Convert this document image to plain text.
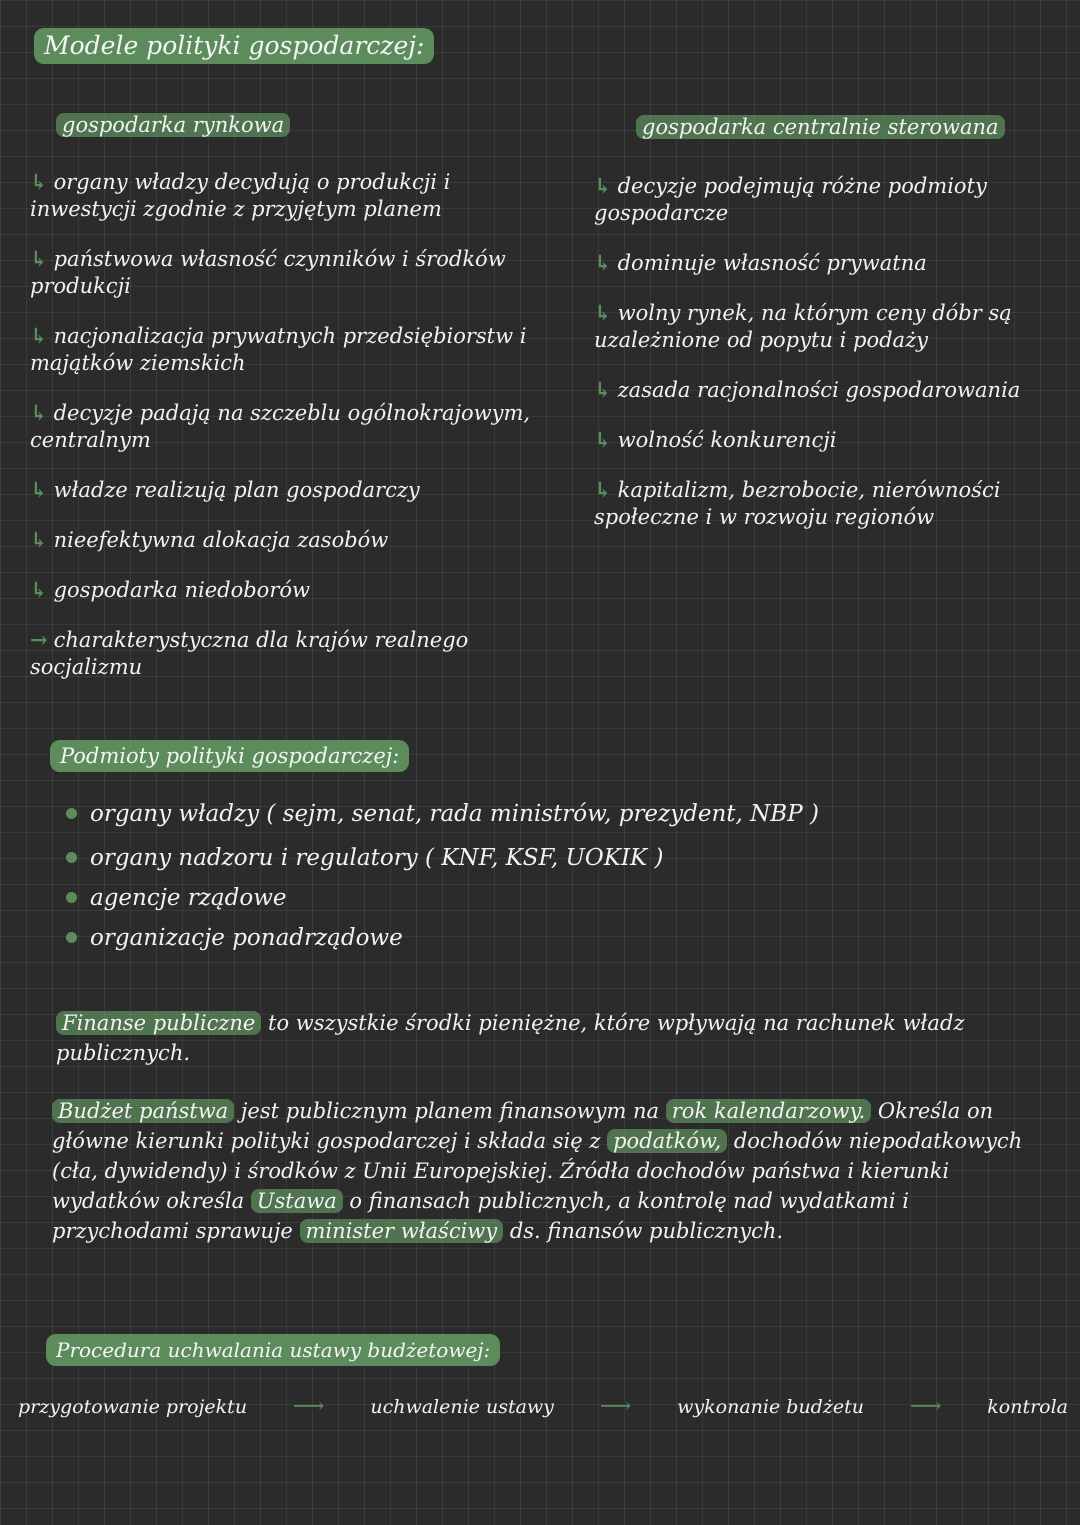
Modele polityki gospodarczej:
gospodarka rynkowa
↳ organy władzy decydują o produkcji i inwestycji zgodnie z przyjętym planem
↳ państwowa własność czynników i środków produkcji
↳ nacjonalizacja prywatnych przedsiębiorstw i majątków ziemskich
↳ decyzje padają na szczeblu ogólnokrajowym, centralnym
↳ władze realizują plan gospodarczy
↳ nieefektywna alokacja zasobów
↳ gospodarka niedoborów
→ charakterystyczna dla krajów realnego socjalizmu
gospodarka centralnie sterowana
↳ decyzje podejmują różne podmioty gospodarcze
↳ dominuje własność prywatna
↳ wolny rynek, na którym ceny dóbr są uzależnione od popytu i podaży
↳ zasada racjonalności gospodarowania
↳ wolność konkurencji
↳ kapitalizm, bezrobocie, nierówności społeczne i w rozwoju regionów
Podmioty polityki gospodarczej:
organy władzy ( sejm, senat, rada ministrów, prezydent, NBP )
organy nadzoru i regulatory ( KNF, KSF, UOKIK )
agencje rządowe
organizacje ponadrządowe
Finanse publiczne to wszystkie środki pieniężne, które wpływają na rachunek władz publicznych.
Budżet państwa jest publicznym planem finansowym na rok kalendarzowy. Określa on główne kierunki polityki gospodarczej i składa się z podatków, dochodów niepodatkowych (cła, dywidendy) i środków z Unii Europejskiej. Źródła dochodów państwa i kierunki wydatków określa Ustawa o finansach publicznych, a kontrolę nad wydatkami i przychodami sprawuje minister właściwy ds. finansów publicznych.
Procedura uchwalania ustawy budżetowej:
przygotowanie projektu ⟶ uchwalenie ustawy ⟶ wykonanie budżetu ⟶ kontrola
